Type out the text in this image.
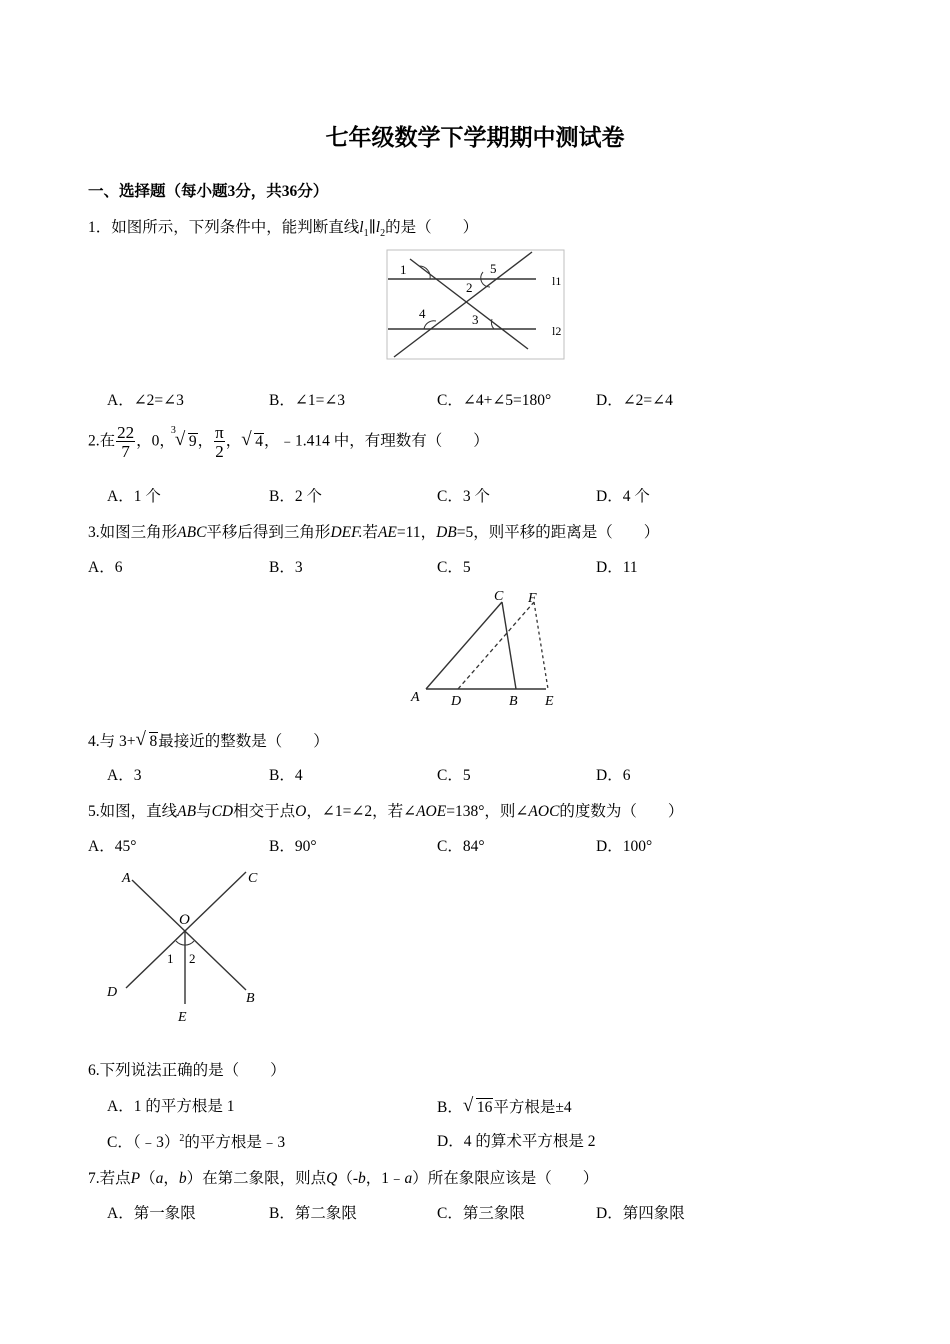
七年级数学下学期期中测试卷
一、选择题（每小题3分，共36分）
1．如图所示，下列条件中，能判断直线$l_1\parallel l_2$的是（　　）
1	5
2
4	3
l1
l2
A．∠2=∠3	B．∠1=∠3	C．∠4+∠5=180°	D．∠2=∠4
2.在 $\frac{22}{7}$ ，0，
3 √ 9， $\frac{\pi}{2}$ ， √ 4，﹣1.414 中，有理数有（　　）
A．1 个	B．2 个	C．3 个	D．4 个
3.如图三角形ABC平移后得到三角形DEF.若AE=11，DB=5，则平移的距离是（　　）
A．6	B．3	C．5	D．11
C F
A D	B E
4.与 3+ √ 8最接近的整数是（　　）
A．3	B．4	C．5	D．6
5.如图，直线AB与CD相交于点O，∠1=∠2，若∠AOE=138°，则∠AOC的度数为（　　）
A．45°	B．90°	C．84°	D．100°
A	C
O
1 2
D	B
E
6.下列说法正确的是（　　）
A．1 的平方根是 1	B． √ 16平方根是±4
C．（﹣3）$^2$的平方根是﹣3	D．4 的算术平方根是 2
7.若点P（a，b）在第二象限，则点Q（-b，1﹣a）所在象限应该是（　　）
A．第一象限	B．第二象限	C．第三象限	D．第四象限
